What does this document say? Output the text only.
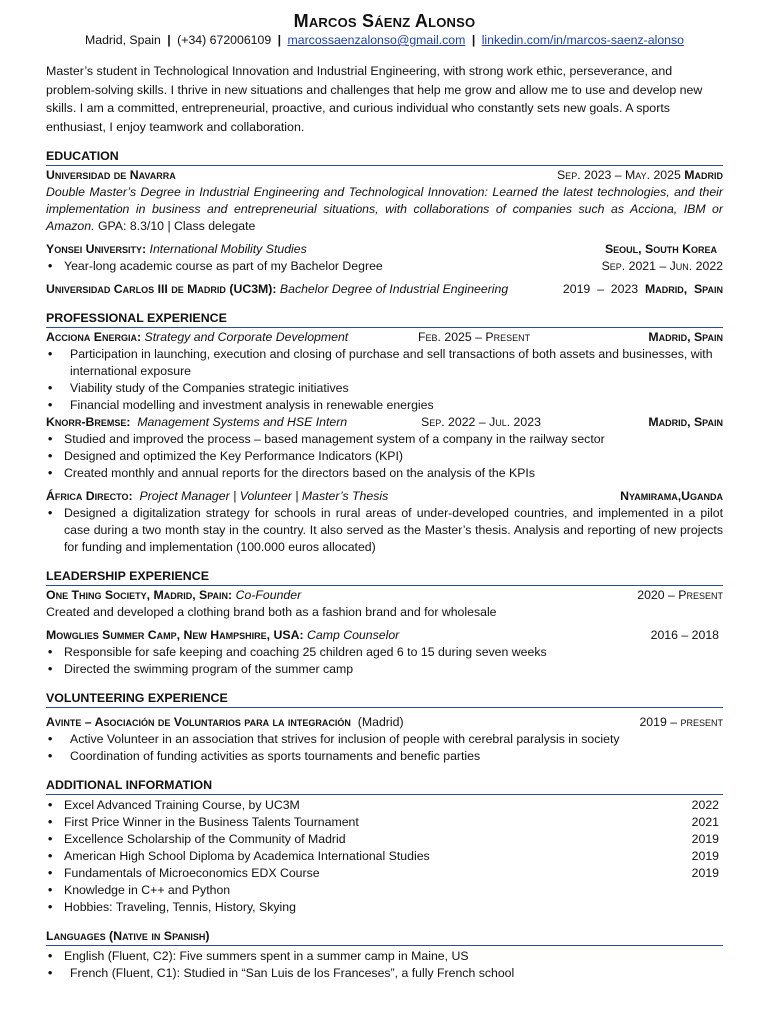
Marcos Sáenz Alonso
Madrid, Spain | (+34) 672006109 | marcossaenzalonso@gmail.com | linkedin.com/in/marcos-saenz-alonso
Master’s student in Technological Innovation and Industrial Engineering, with strong work ethic, perseverance, and problem-solving skills. I thrive in new situations and challenges that help me grow and allow me to use and develop new skills. I am a committed, entrepreneurial, proactive, and curious individual who constantly sets new goals. A sports enthusiast, I enjoy teamwork and collaboration.
EDUCATION
Universidad de Navarra	Sep. 2023 – May. 2025 Madrid
Double Master’s Degree in Industrial Engineering and Technological Innovation: Learned the latest technologies, and their implementation in business and entrepreneurial situations, with collaborations of companies such as Acciona, IBM or Amazon. GPA: 8.3/10 | Class delegate
Yonsei University: International Mobility Studies	Seoul, South Korea
• Year-long academic course as part of my Bachelor Degree	Sep. 2021 – Jun. 2022
Universidad Carlos III de Madrid (UC3M): Bachelor Degree of Industrial Engineering	2019  –  2023 Madrid,  Spain
PROFESSIONAL EXPERIENCE
Acciona Energia: Strategy and Corporate Development	Feb. 2025 – Present	Madrid, Spain
• Participation in launching, execution and closing of purchase and sell transactions of both assets and businesses, with international exposure
• Viability study of the Companies strategic initiatives
• Financial modelling and investment analysis in renewable energies
Knorr-Bremse: Management Systems and HSE Intern	Sep. 2022 – Jul. 2023	Madrid, Spain
• Studied and improved the process – based management system of a company in the railway sector
• Designed and optimized the Key Performance Indicators (KPI)
• Created monthly and annual reports for the directors based on the analysis of the KPIs
África Directo: Project Manager | Volunteer | Master’s Thesis	Nyamirama,Uganda
• Designed a digitalization strategy for schools in rural areas of under-developed countries, and implemented in a pilot case during a two month stay in the country. It also served as the Master’s thesis. Analysis and reporting of new projects for funding and implementation (100.000 euros allocated)
LEADERSHIP EXPERIENCE
One Thing Society, Madrid, Spain: Co-Founder	2020 – Present
Created and developed a clothing brand both as a fashion brand and for wholesale
Mowglies Summer Camp, New Hampshire, USA: Camp Counselor	2016 – 2018
• Responsible for safe keeping and coaching 25 children aged 6 to 15 during seven weeks
• Directed the swimming program of the summer camp
VOLUNTEERING EXPERIENCE
Avinte – Asociación de Voluntarios para la integración (Madrid)	2019 – present
• Active Volunteer in an association that strives for inclusion of people with cerebral paralysis in society
• Coordination of funding activities as sports tournaments and benefic parties
ADDITIONAL INFORMATION
• Excel Advanced Training Course, by UC3M	2022
• First Price Winner in the Business Talents Tournament	2021
• Excellence Scholarship of the Community of Madrid	2019
• American High School Diploma by Academica International Studies	2019
• Fundamentals of Microeconomics EDX Course	2019
• Knowledge in C++ and Python
• Hobbies: Traveling, Tennis, History, Skying
Languages (Native in Spanish)
• English (Fluent, C2): Five summers spent in a summer camp in Maine, US
• French (Fluent, C1): Studied in “San Luis de los Franceses”, a fully French school
